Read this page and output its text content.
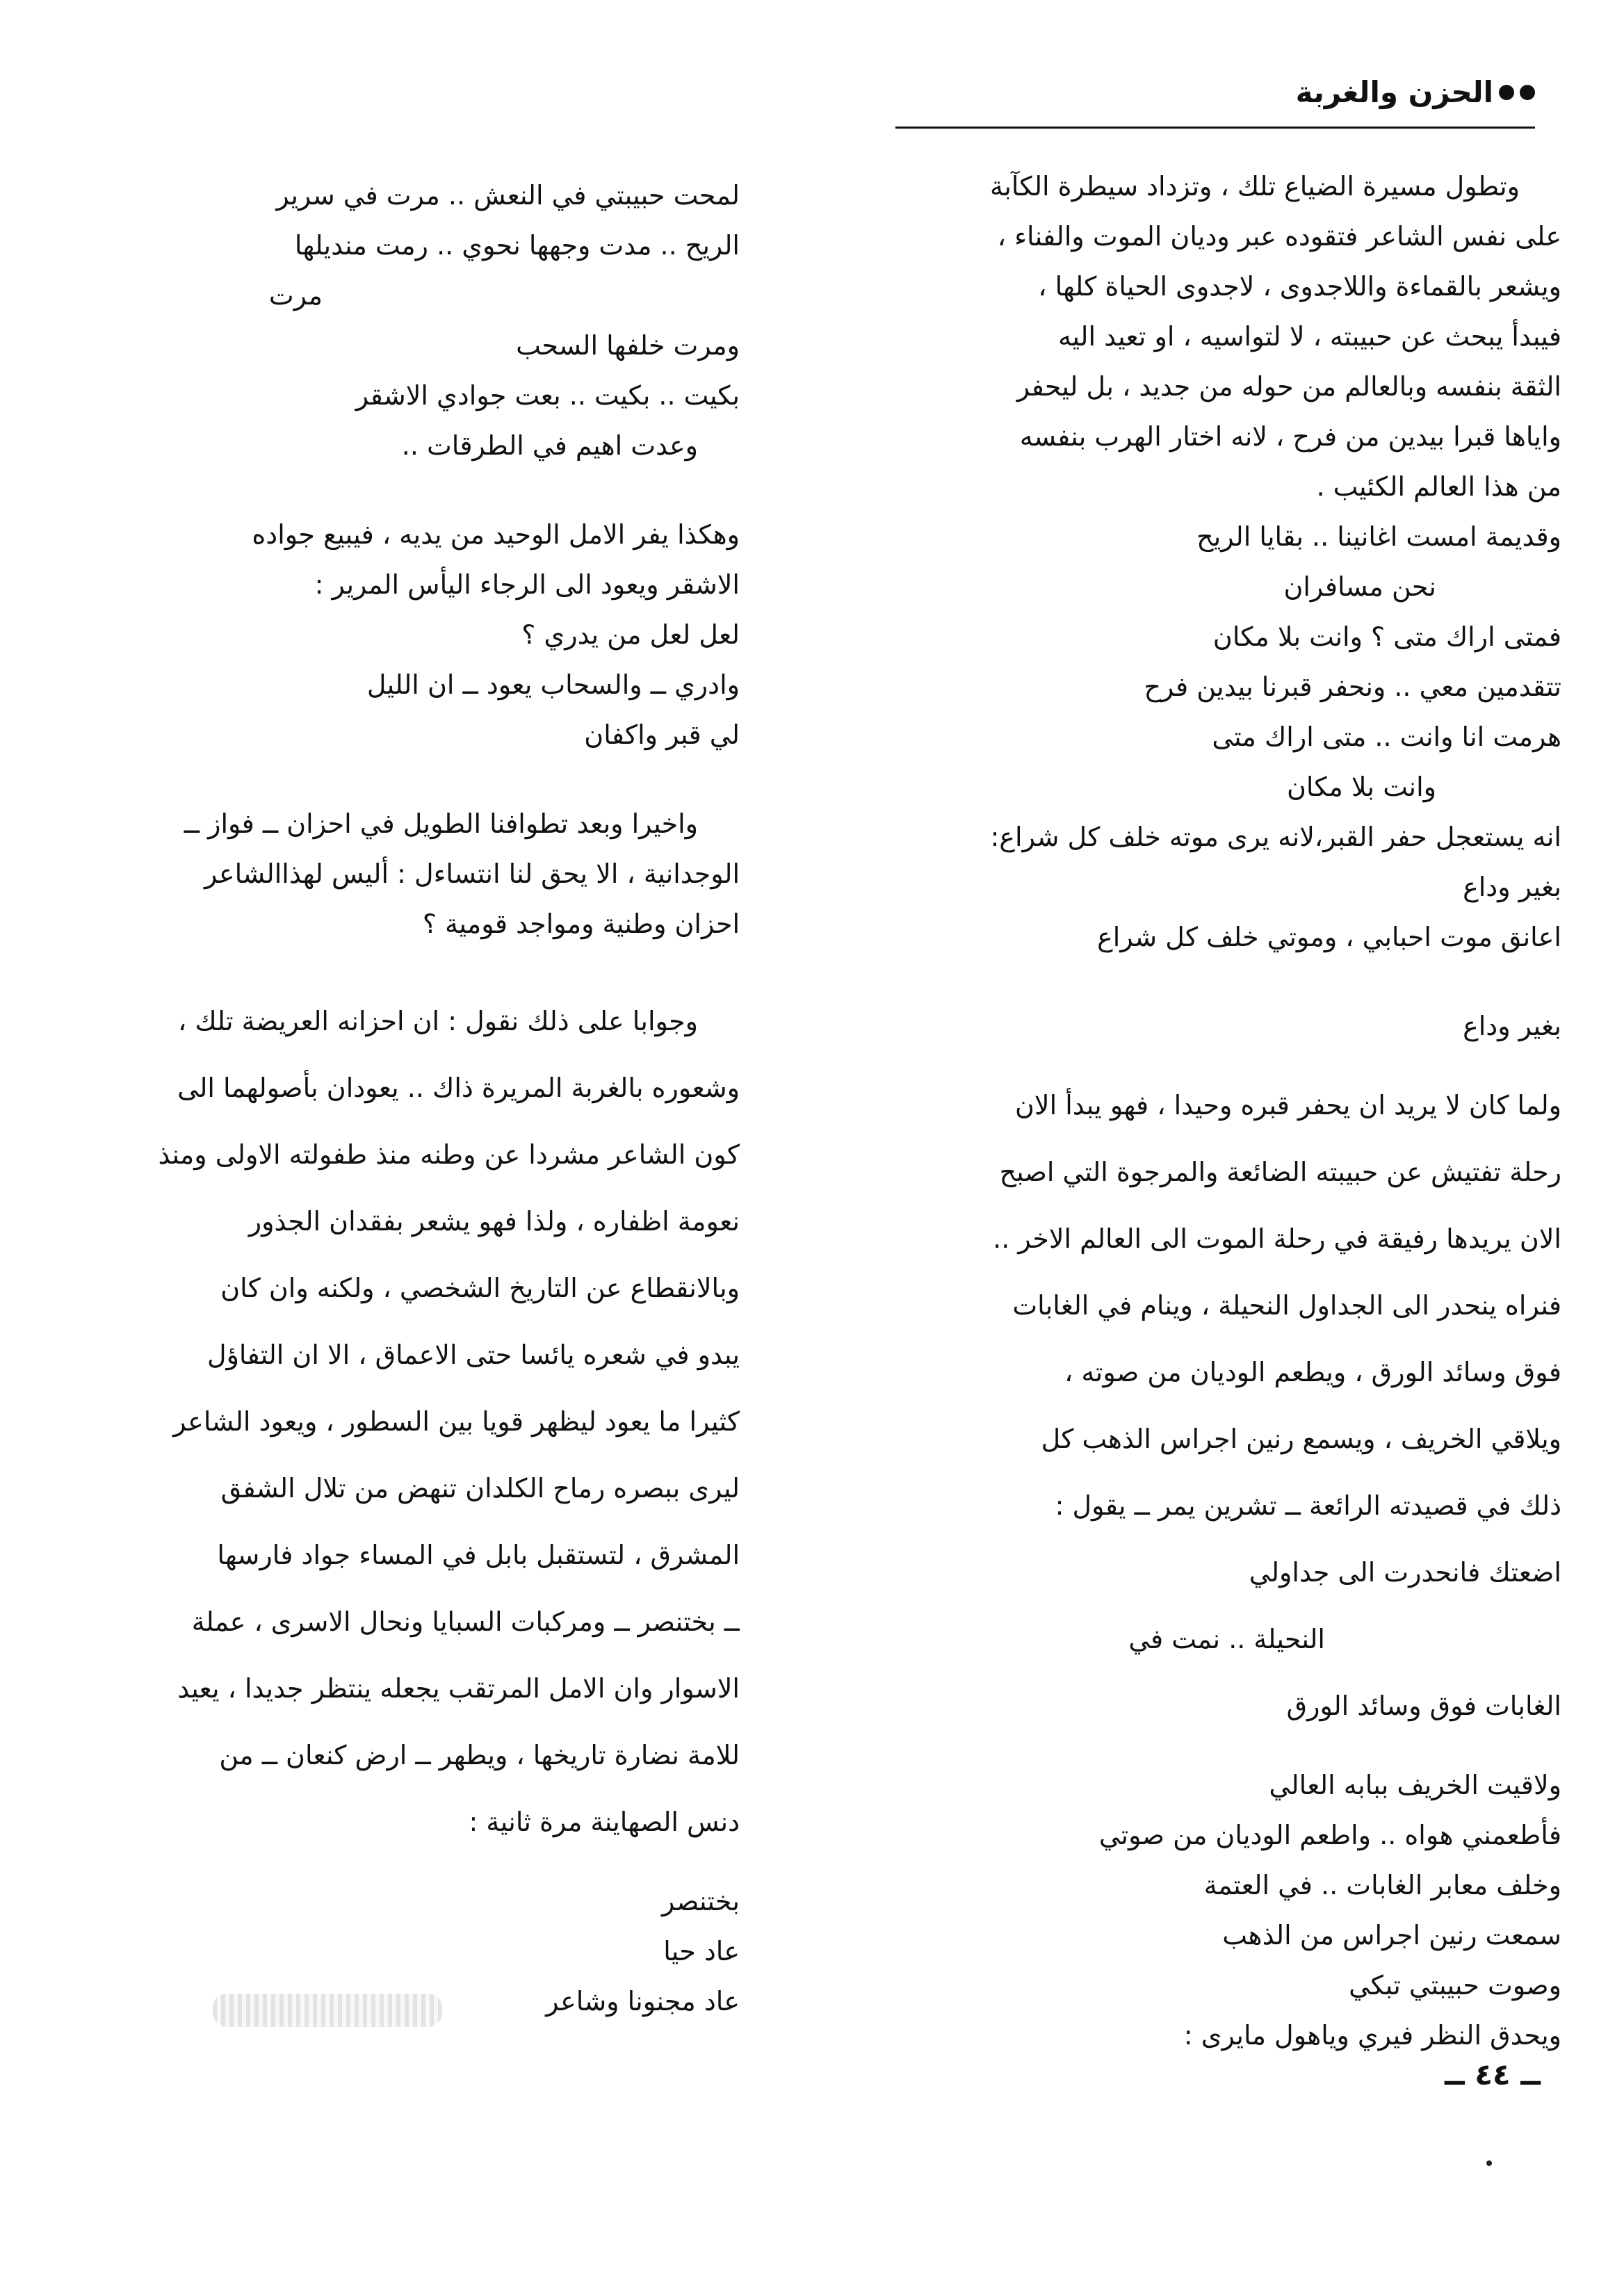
الحزن والغربة
وتطول مسيرة الضياع تلك ، وتزداد سيطرة الكآبة
على نفس الشاعر فتقوده عبر وديان الموت والفناء ،
ويشعر بالقماءة واللاجدوى ، لاجدوى الحياة كلها ،
فيبدأ يبحث عن حبيبته ، لا لتواسيه ، او تعيد اليه
الثقة بنفسه وبالعالم من حوله من جديد ، بل ليحفر
واياها قبرا بيدين من فرح ، لانه اختار الهرب بنفسه
من هذا العالم الكئيب .
وقديمة امست اغانينا .. بقايا الريح
نحن مسافران
فمتى اراك متى ؟ وانت بلا مكان
تتقدمين معي .. ونحفر قبرنا بيدين فرح
هرمت انا وانت .. متى اراك متى
وانت بلا مكان
انه يستعجل حفر القبر،لانه يرى موته خلف كل شراع:
بغير وداع
اعانق موت احبابي ، وموتي خلف كل شراع
بغير وداع
ولما كان لا يريد ان يحفر قبره وحيدا ، فهو يبدأ الان
رحلة تفتيش عن حبيبته الضائعة والمرجوة التي اصبح
الان يريدها رفيقة في رحلة الموت الى العالم الاخر ..
فنراه ينحدر الى الجداول النحيلة ، وينام في الغابات
فوق وسائد الورق ، ويطعم الوديان من صوته ،
ويلاقي الخريف ، ويسمع رنين اجراس الذهب كل
ذلك في قصيدته الرائعة ــ تشرين يمر ــ يقول :
اضعتك فانحدرت الى جداولي
النحيلة .. نمت في
الغابات فوق وسائد الورق
ولاقيت الخريف ببابه العالي
فأطعمني هواه .. واطعم الوديان من صوتي
وخلف معابر الغابات .. في العتمة
سمعت رنين اجراس من الذهب
وصوت حبيبتي تبكي
ويحدق النظر فيري وياهول مايرى :
لمحت حبيبتي في النعش .. مرت في سرير
الريح .. مدت وجهها نحوي .. رمت منديلها
مرت
ومرت خلفها السحب
بكيت .. بكيت .. بعت جوادي الاشقر
وعدت اهيم في الطرقات ..
وهكذا يفر الامل الوحيد من يديه ، فيبيع جواده
الاشقر ويعود الى الرجاء اليأس المرير :
لعل لعل من يدري ؟
وادري ــ والسحاب يعود ــ ان الليل
لي قبر واكفان
واخيرا وبعد تطوافنا الطويل في احزان ــ فواز ــ
الوجدانية ، الا يحق لنا انتساءل : أليس لهذاالشاعر
احزان وطنية ومواجد قومية ؟
وجوابا على ذلك نقول : ان احزانه العريضة تلك ،
وشعوره بالغربة المريرة ذاك .. يعودان بأصولهما الى
كون الشاعر مشردا عن وطنه منذ طفولته الاولى ومنذ
نعومة اظفاره ، ولذا فهو يشعر بفقدان الجذور
وبالانقطاع عن التاريخ الشخصي ، ولكنه وان كان
يبدو في شعره يائسا حتى الاعماق ، الا ان التفاؤل
كثيرا ما يعود ليظهر قويا بين السطور ، ويعود الشاعر
ليرى ببصره رماح الكلدان تنهض من تلال الشفق
المشرق ، لتستقبل بابل في المساء جواد فارسها
ــ بختنصر ــ ومركبات السبايا ونحال الاسرى ، عملة
الاسوار وان الامل المرتقب يجعله ينتظر جديدا ، يعيد
للامة نضارة تاريخها ، ويطهر ــ ارض كنعان ــ من
دنس الصهاينة مرة ثانية :
بختنصر
عاد حيا
عاد مجنونا وشاعر
ــ ٤٤ ــ
